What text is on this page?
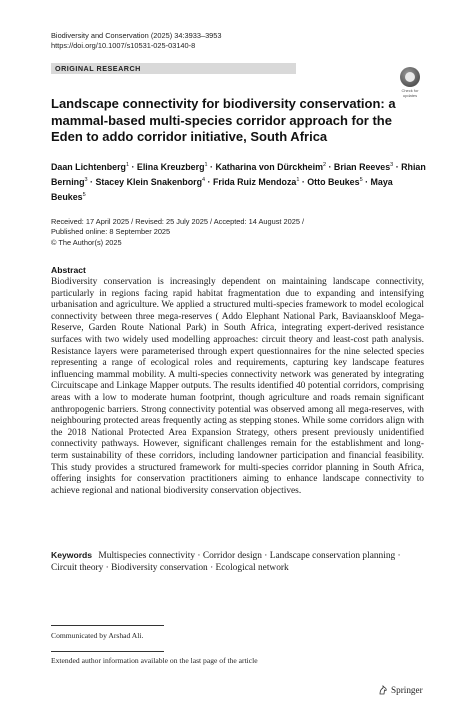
Biodiversity and Conservation (2025) 34:3933–3953
https://doi.org/10.1007/s10531-025-03140-8
ORIGINAL RESEARCH
Check for
updates
Landscape connectivity for biodiversity conservation: a mammal-based multi-species corridor approach for the Eden to addo corridor initiative, South Africa
Daan Lichtenberg$^1$ · Elina Kreuzberg$^1$ · Katharina von Dürckheim$^2$ · Brian Reeves$^3$ · Rhian Berning$^3$ · Stacey Klein Snakenborg$^4$ · Frida Ruiz Mendoza$^1$ · Otto Beukes$^5$ · Maya Beukes$^5$
Received: 17 April 2025 / Revised: 25 July 2025 / Accepted: 14 August 2025 /
Published online: 8 September 2025
© The Author(s) 2025
Abstract

Biodiversity conservation is increasingly dependent on maintaining landscape connectivity, particularly in regions facing rapid habitat fragmentation due to expanding and intensifying urbanisation and agriculture. We applied a structured multi-species framework to model ecological connectivity between three mega-reserves ( Addo Elephant National Park, Baviaanskloof Mega-Reserve, Garden Route National Park) in South Africa, integrating expert-derived resistance surfaces with two widely used modelling approaches: circuit theory and least-cost path analysis. Resistance layers were parameterised through expert questionnaires for the nine selected species representing a range of ecological roles and requirements, capturing key landscape features influencing mammal mobility. A multi-species connectivity network was generated by integrating Circuitscape and Linkage Mapper outputs. The results identified 40 potential corridors, comprising areas with a low to moderate human footprint, though agriculture and roads remain significant anthropogenic barriers. Strong connectivity potential was observed among all mega-reserves, with neighbouring protected areas frequently acting as stepping stones. While some corridors align with the 2018 National Protected Area Expansion Strategy, others present previously unidentified connectivity pathways. However, significant challenges remain for the establishment and long-term sustainability of these corridors, including landowner participation and financial feasibility. This study provides a structured framework for multi-species corridor planning in South Africa, offering insights for conservation practitioners aiming to enhance landscape connectivity to achieve regional and national biodiversity conservation objectives.

Keywords Multispecies connectivity · Corridor design · Landscape conservation planning · Circuit theory · Biodiversity conservation · Ecological network
Communicated by Arshad Ali.
Extended author information available on the last page of the article
Springer
